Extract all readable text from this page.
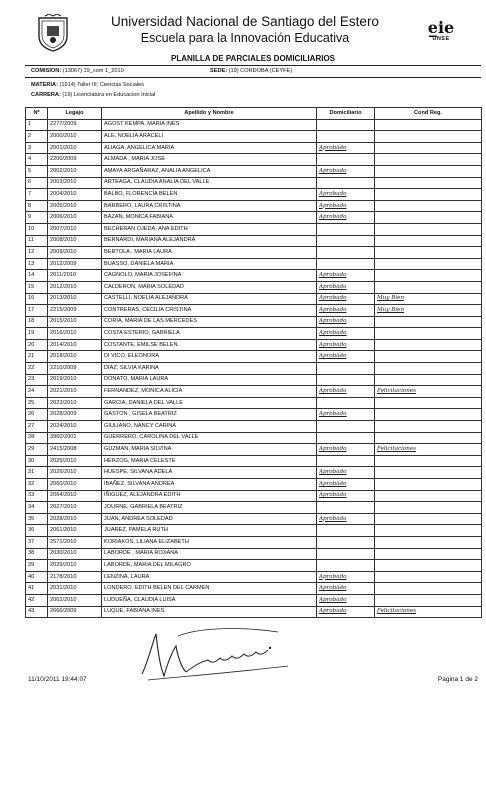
Universidad Nacional de Santiago del Estero
Escuela para la Innovación Educativa
e̲ie
UNSE
PLANILLA DE PARCIALES DOMICILIARIOS
COMISION: (13067) 19_com 1_2010	SEDE: (19) CORDOBA (CEYFE)
MATERIA: (1914) Taller III: Ciencias Sociales
CARRERA: (19) Licenciatura en Educacion Inicial
Nº	Legajo	Apellido y Nombre	Domiciliario	Cond Reg.
1	2277/2009	AGOST KEMPA, MARIA INES		
2	2000/2010	ALE, NOELIA ARACELI		
3	2001/2010	ALIAGA, ANGELICA MARIA	Aprobado	
4	2200/2009	ALMADA , MARIA JOSE		
5	2002/2010	AMAYA ARGAÑARAZ, ANALIA ANGELICA	Aprobado	
6	2003/2010	ARTEAGA, CLAUDIA ANALIA DEL VALLE		
7	2004/2010	BALBO, FLORENCIA BELEN	Aprobado	
8	2005/2010	BARBERO, LAURA CRISTINA	Aprobado	
9	2006/2010	BAZAN, MONICA FABIANA	Aprobado	
10	2007/2010	BECHERAN OJEDA, ANA EDITH		
11	2008/2010	BERNARDI, MARIANA ALEJANDRA		
12	2009/2010	BERTOLA , MARIA LAURA		
13	2012/2009	BUASSO, DANIELA MARIA		
14	2011/2010	CAGNOLO, MARIA JOSEFINA	Aprobado	
15	2012/2010	CALDERON, MARIA SOLEDAD	Aprobado	
16	2013/2010	CASTELLI, NOELIA ALEJANDRA	Aprobado	Muy Bien
17	2215/2009	CONTRERAS, CECILIA CRISTINA	Aprobado	Muy Bien
18	2015/2010	CORIA, MARIA DE LAS MERCEDES	Aprobado	
19	2016/2010	COSTA ESTERIO, GABRIELA	Aprobado	
20	2014/2010	COSTANTE, EMILSE BELEN	Aprobado	
21	2018/2010	DI VICO, ELEONORA	Aprobado	
22	2210/2009	DIAZ, SILVIA KARINA		
23	2019/2010	DONATO, MARIA LAURA		
24	2021/2010	FERNANDEZ, MONICA ALICIA	Aprobado	Felicitaciones
25	2023/2010	GARCIA, DANIELA DEL VALLE		
26	2028/2009	GASTON , GISELA BEATRIZ	Aprobado	
27	2024/2010	GIULIANO, NANCY CARINA		
28	3960/2001	GUERRERO, CAROLINA DEL VALLE		
29	2415/2008	GUZMAN, MARIA SILVINA	Aprobado	Felicitaciones
30	2025/2010	HERZOG, MARIA CELESTE		
31	2026/2010	HUESPE, SILVANA ADELA	Aprobado	
32	2060/2010	IBAÑEZ, SILVANA ANDREA	Aprobado	
33	2064/2010	IÑIGUEZ, ALEJANDRA EDITH	Aprobado	
34	2027/2010	JOURNE, GABRIELA BEATRIZ		
35	2028/2010	JUAN, ANDREA SOLEDAD	Aprobado	
36	2061/2010	JUAREZ, PAMELA RUTH		
37	2571/2010	KORIAKOS, LILIANA ELIZABETH		
38	2030/2010	LABORDE , MARIA ROXANA		
39	2029/2010	LABORDE, MARIA DEL MILAGRO		
40	2178/2010	LENZINA, LAURA	Aprobado	
41	2031/2010	LONDERO, EDITH BELEN DEL CARMEN	Aprobado	
42	2062/2010	LUDUEÑA, CLAUDIA LUISA	Aprobado	
43	2666/2009	LUQUE, FABIANA INES	Aprobado	Felicitaciones
11/10/2011 19:44:07	Pagina 1 de 2
